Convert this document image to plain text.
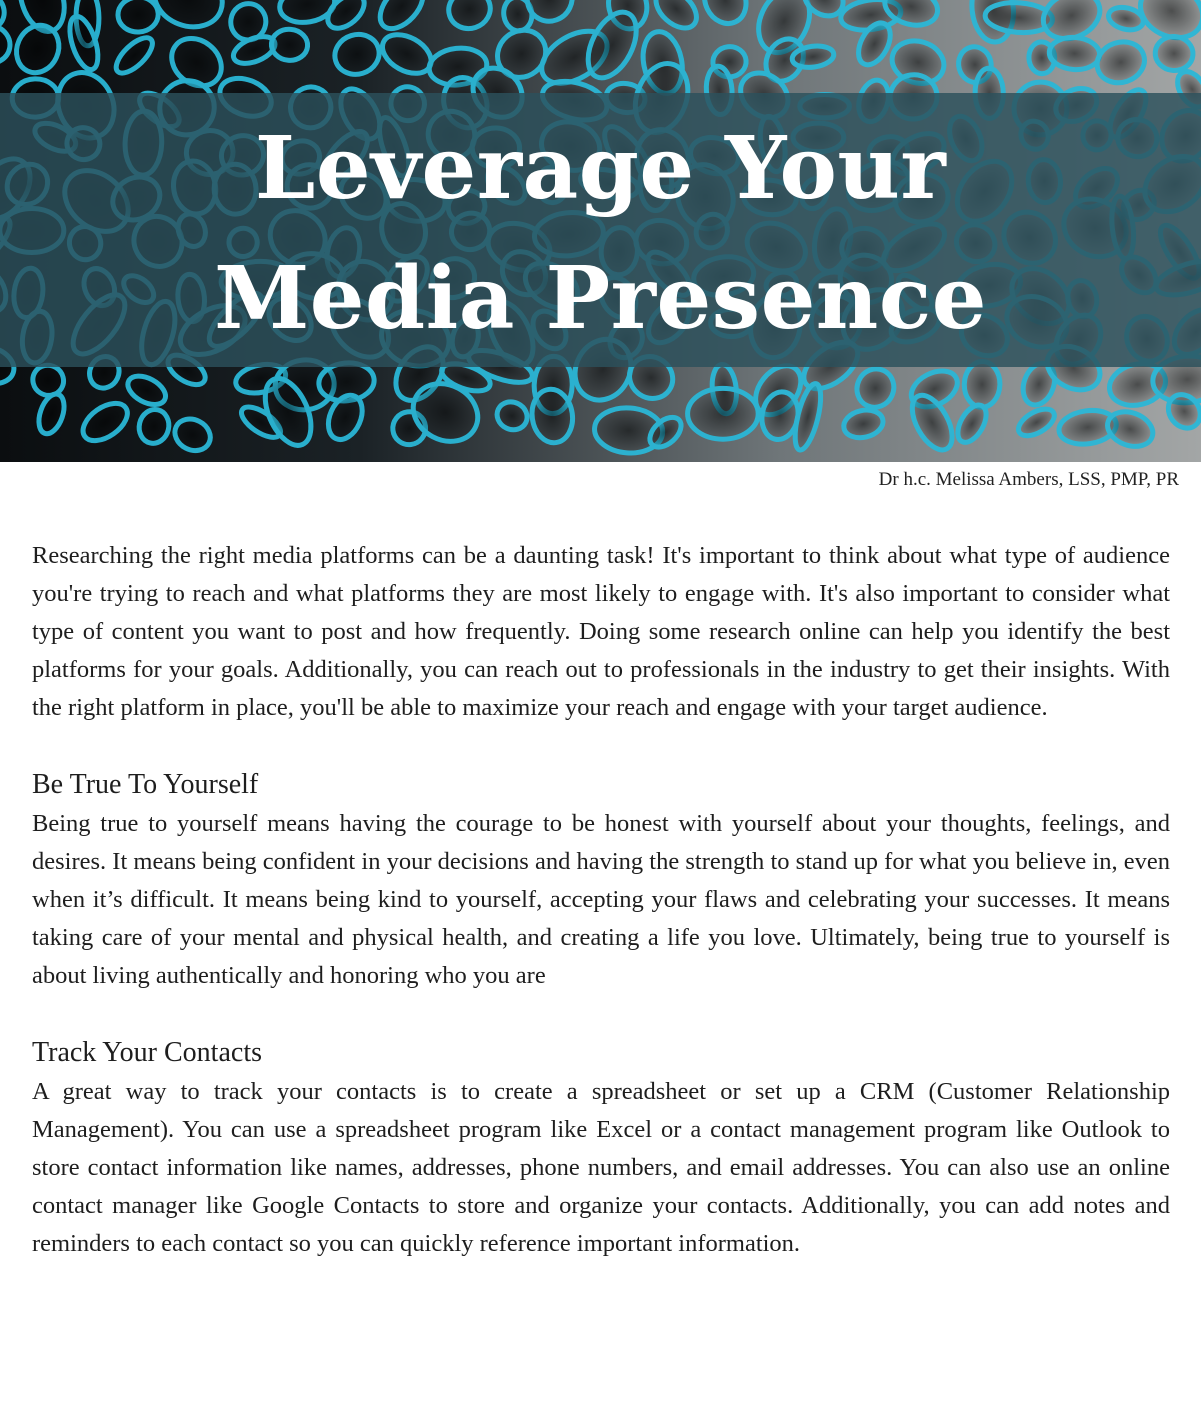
Leverage Your
Media Presence

Dr h.c. Melissa Ambers, LSS, PMP, PR

Researching the right media platforms can be a daunting task! It's important to think about what type of audience you're trying to reach and what platforms they are most likely to engage with. It's also important to consider what type of content you want to post and how frequently. Doing some research online can help you identify the best platforms for your goals. Additionally, you can reach out to professionals in the industry to get their insights. With the right platform in place, you'll be able to maximize your reach and engage with your target audience.

Be True To Yourself

Being true to yourself means having the courage to be honest with yourself about your thoughts, feelings, and desires. It means being confident in your decisions and having the strength to stand up for what you believe in, even when it’s difficult. It means being kind to yourself, accepting your flaws and celebrating your successes. It means taking care of your mental and physical health, and creating a life you love. Ultimately, being true to yourself is about living authentically and honoring who you are

Track Your Contacts

A great way to track your contacts is to create a spreadsheet or set up a CRM (Customer Relationship Management). You can use a spreadsheet program like Excel or a contact management program like Outlook to store contact information like names, addresses, phone numbers, and email addresses. You can also use an online contact manager like Google Contacts to store and organize your contacts. Additionally, you can add notes and reminders to each contact so you can quickly reference important information.
